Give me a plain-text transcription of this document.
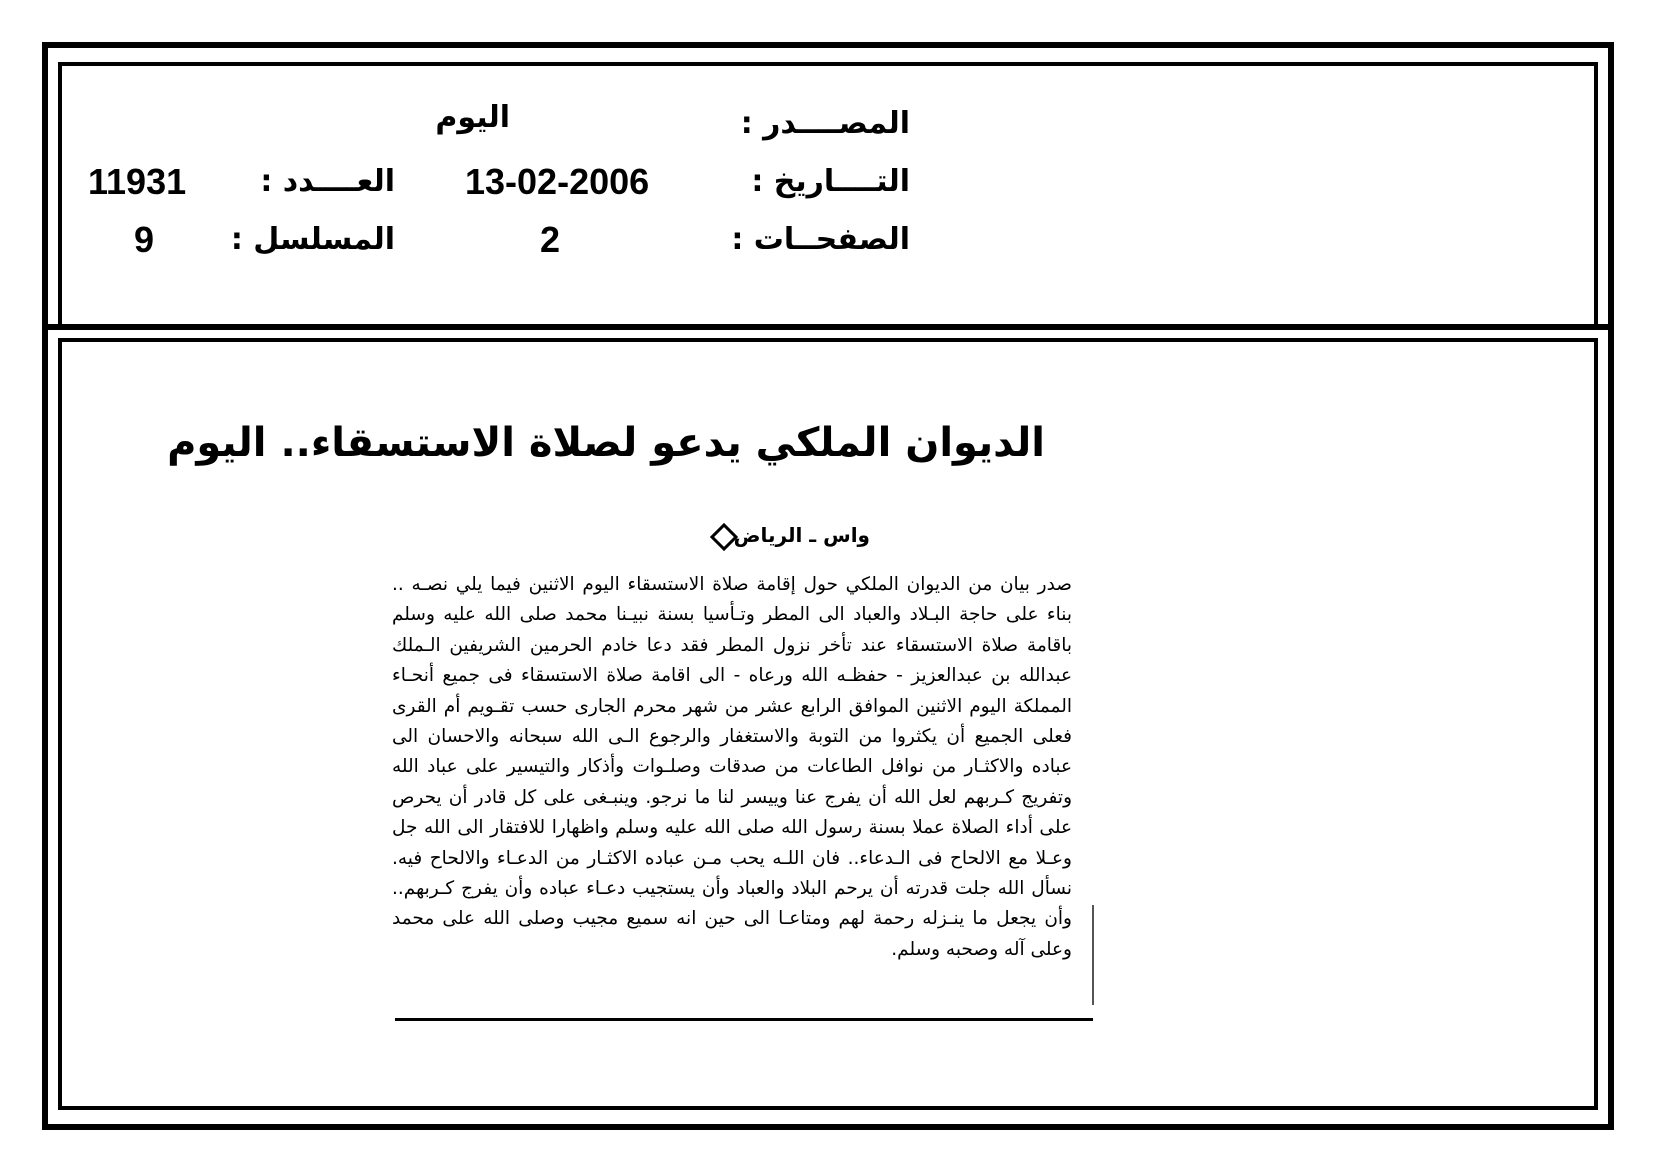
المصــــدر :
اليوم
التــــاريخ :
13-02-2006
العــــدد :
11931
الصفحــات :
2
المسلسل :
9
الديوان الملكي يدعو لصلاة الاستسقاء.. اليوم
واس ـ الرياض
صدر بيان من الديوان الملكي حول إقامة صلاة الاستسقاء اليوم الاثنين فيما يلي نصـه .. بناء على حاجة البـلاد والعباد الى المطر وتـأسيا بسنة نبيـنا محمد صلى الله عليه وسلم باقامة صلاة الاستسقاء عند تأخر نزول المطر فقد دعا خادم الحرمين الشريفين الـملك عبدالله بن عبدالعزيز - حفظـه الله ورعاه - الى اقامة صلاة الاستسقاء فى جميع أنحـاء المملكة اليوم الاثنين الموافق الرابع عشر من شهر محرم الجارى حسب تقـويم أم القرى فعلى الجميع أن يكثروا من التوبة والاستغفار والرجوع الـى الله سبحانه والاحسان الى عباده والاكثـار من نوافل الطاعات من صدقات وصلـوات وأذكار والتيسير على عباد الله وتفريج كـربهم لعل الله أن يفرج عنا وييسر لنا ما نرجو. وينبـغى على كل قادر أن يحرص على أداء الصلاة عملا بسنة رسول الله صلى الله عليه وسلم واظهارا للافتقار الى الله جل وعـلا مع الالحاح فى الـدعاء.. فان اللـه يحب مـن عباده الاكثـار من الدعـاء والالحاح فيه. نسأل الله جلت قدرته أن يرحم البلاد والعباد وأن يستجيب دعـاء عباده وأن يفرج كـربهم.. وأن يجعل ما ينـزله رحمة لهم ومتاعـا الى حين انه سميع مجيب وصلى الله على محمد وعلى آله وصحبه وسلم.
